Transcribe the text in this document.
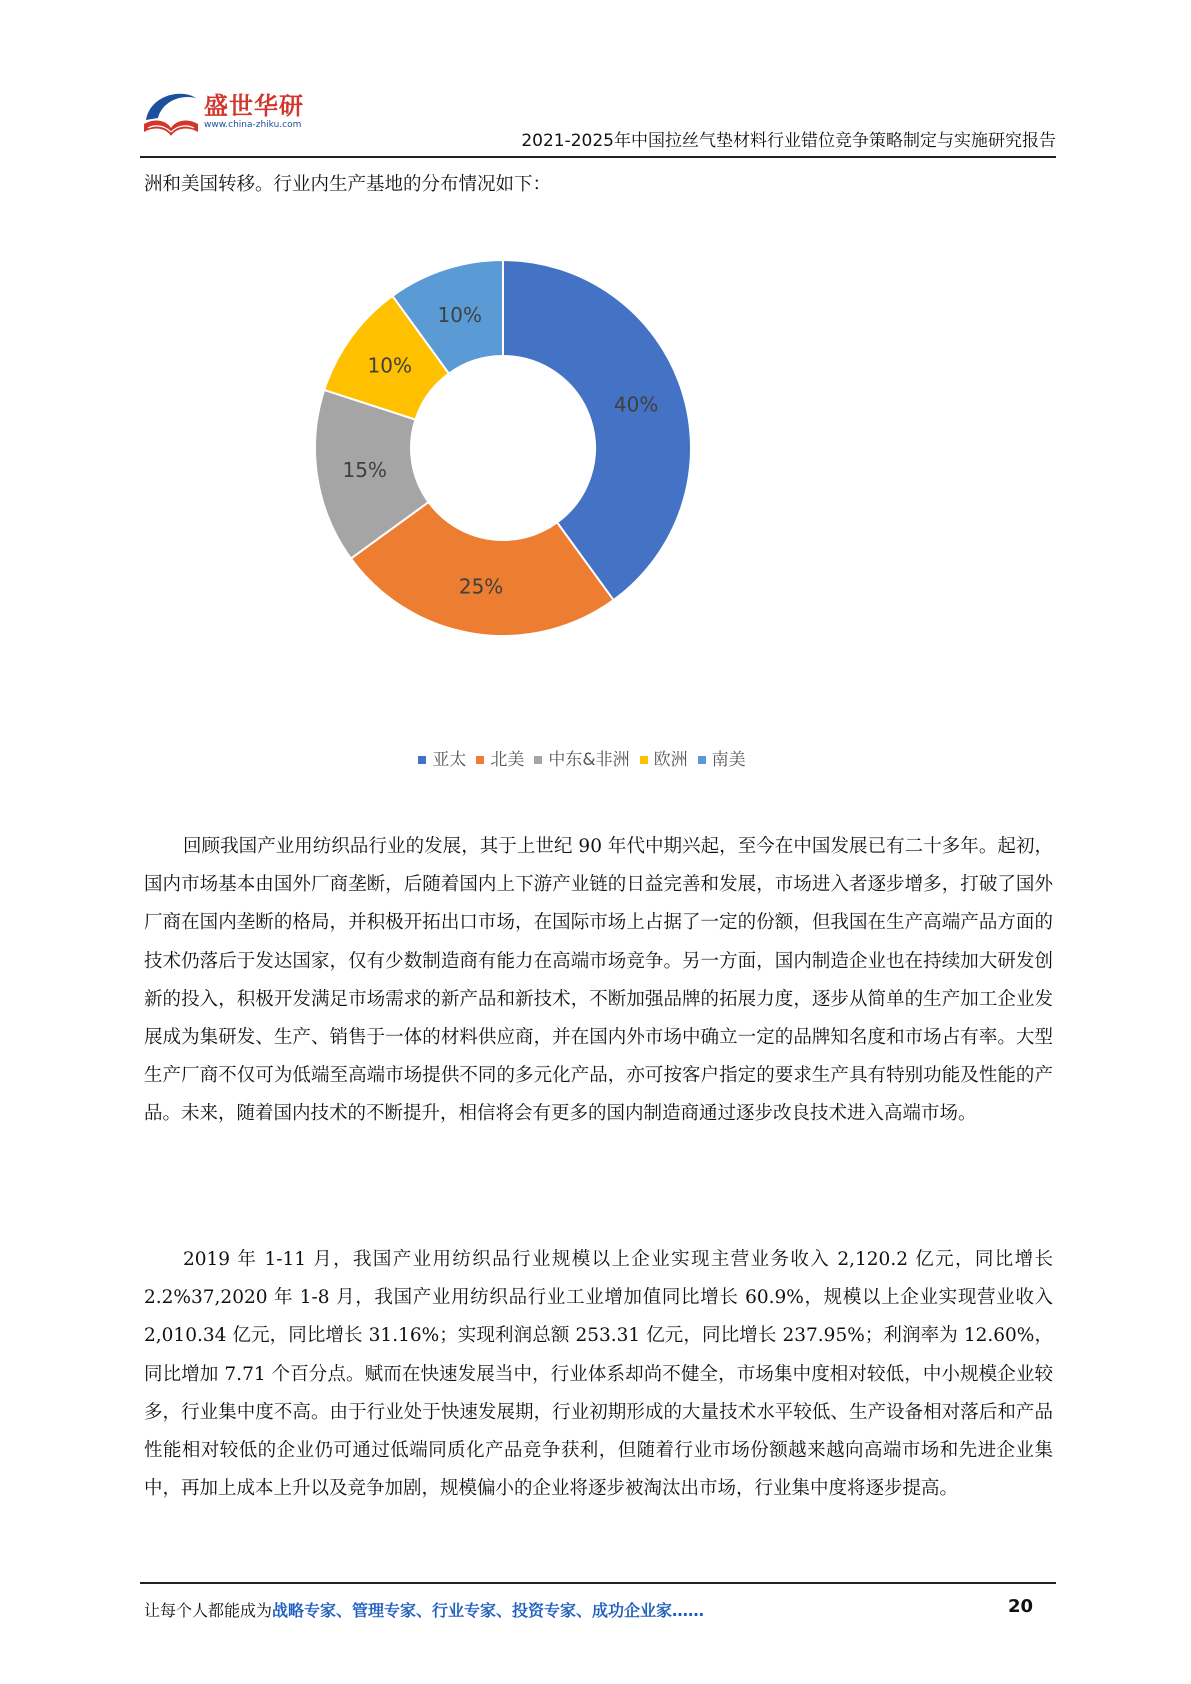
盛世华研
www.china-zhiku.com
2021-2025年中国拉丝气垫材料行业错位竞争策略制定与实施研究报告
洲和美国转移。行业内生产基地的分布情况如下：
40%
25%
15%
10%
10%
亚太 北美 中东&非洲 欧洲 南美
回顾我国产业用纺织品行业的发展，其于上世纪 90 年代中期兴起，至今在中国发展已有二十多年。起初，国内市场基本由国外厂商垄断，后随着国内上下游产业链的日益完善和发展，市场进入者逐步增多，打破了国外厂商在国内垄断的格局，并积极开拓出口市场，在国际市场上占据了一定的份额，但我国在生产高端产品方面的技术仍落后于发达国家，仅有少数制造商有能力在高端市场竞争。另一方面，国内制造企业也在持续加大研发创新的投入，积极开发满足市场需求的新产品和新技术，不断加强品牌的拓展力度，逐步从简单的生产加工企业发展成为集研发、生产、销售于一体的材料供应商，并在国内外市场中确立一定的品牌知名度和市场占有率。大型生产厂商不仅可为低端至高端市场提供不同的多元化产品，亦可按客户指定的要求生产具有特别功能及性能的产品。未来，随着国内技术的不断提升，相信将会有更多的国内制造商通过逐步改良技术进入高端市场。
2019 年 1-11 月，我国产业用纺织品行业规模以上企业实现主营业务收入 2,120.2 亿元，同比增长 2.2%37,2020 年 1-8 月，我国产业用纺织品行业工业增加值同比增长 60.9%，规模以上企业实现营业收入 2,010.34 亿元，同比增长 31.16%；实现利润总额 253.31 亿元，同比增长 237.95%；利润率为 12.60%，同比增加 7.71 个百分点。赋而在快速发展当中，行业体系却尚不健全，市场集中度相对较低，中小规模企业较多，行业集中度不高。由于行业处于快速发展期，行业初期形成的大量技术水平较低、生产设备相对落后和产品性能相对较低的企业仍可通过低端同质化产品竞争获利，但随着行业市场份额越来越向高端市场和先进企业集中，再加上成本上升以及竞争加剧，规模偏小的企业将逐步被淘汰出市场，行业集中度将逐步提高。
让每个人都能成为战略专家、管理专家、行业专家、投资专家、成功企业家……	20
